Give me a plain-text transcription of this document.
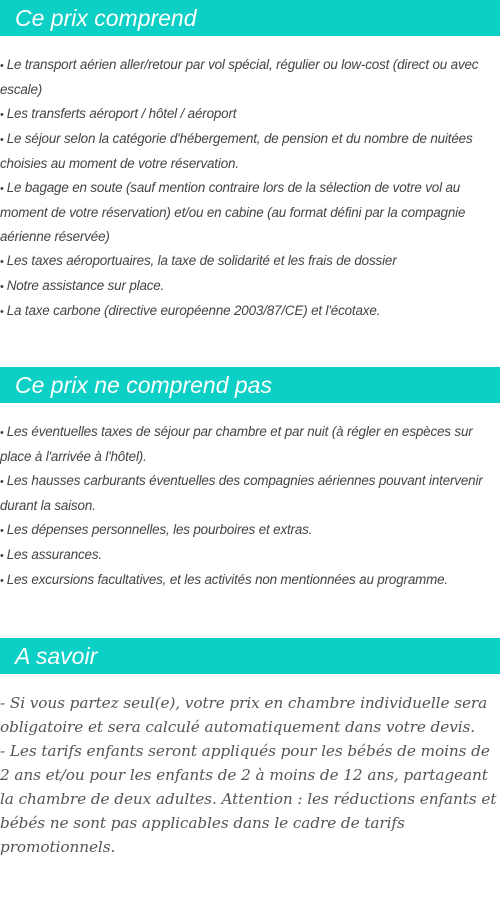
Ce prix comprend
• Le transport aérien aller/retour par vol spécial, régulier ou low-cost (direct ou avec escale)
• Les transferts aéroport / hôtel / aéroport
• Le séjour selon la catégorie d'hébergement, de pension et du nombre de nuitées choisies au moment de votre réservation.
• Le bagage en soute (sauf mention contraire lors de la sélection de votre vol au moment de votre réservation) et/ou en cabine (au format défini par la compagnie aérienne réservée)
• Les taxes aéroportuaires, la taxe de solidarité et les frais de dossier
• Notre assistance sur place.
• La taxe carbone (directive européenne 2003/87/CE) et l'écotaxe.
Ce prix ne comprend pas
• Les éventuelles taxes de séjour par chambre et par nuit (à régler en espèces sur place à l'arrivée à l'hôtel).
• Les hausses carburants éventuelles des compagnies aériennes pouvant intervenir durant la saison.
• Les dépenses personnelles, les pourboires et extras.
• Les assurances.
• Les excursions facultatives, et les activités non mentionnées au programme.
A savoir

- Si vous partez seul(e), votre prix en chambre individuelle sera obligatoire et sera calculé automatiquement dans votre devis.

- Les tarifs enfants seront appliqués pour les bébés de moins de 2 ans et/ou pour les enfants de 2 à moins de 12 ans, partageant la chambre de deux adultes. Attention : les réductions enfants et bébés ne sont pas applicables dans le cadre de tarifs promotionnels.
